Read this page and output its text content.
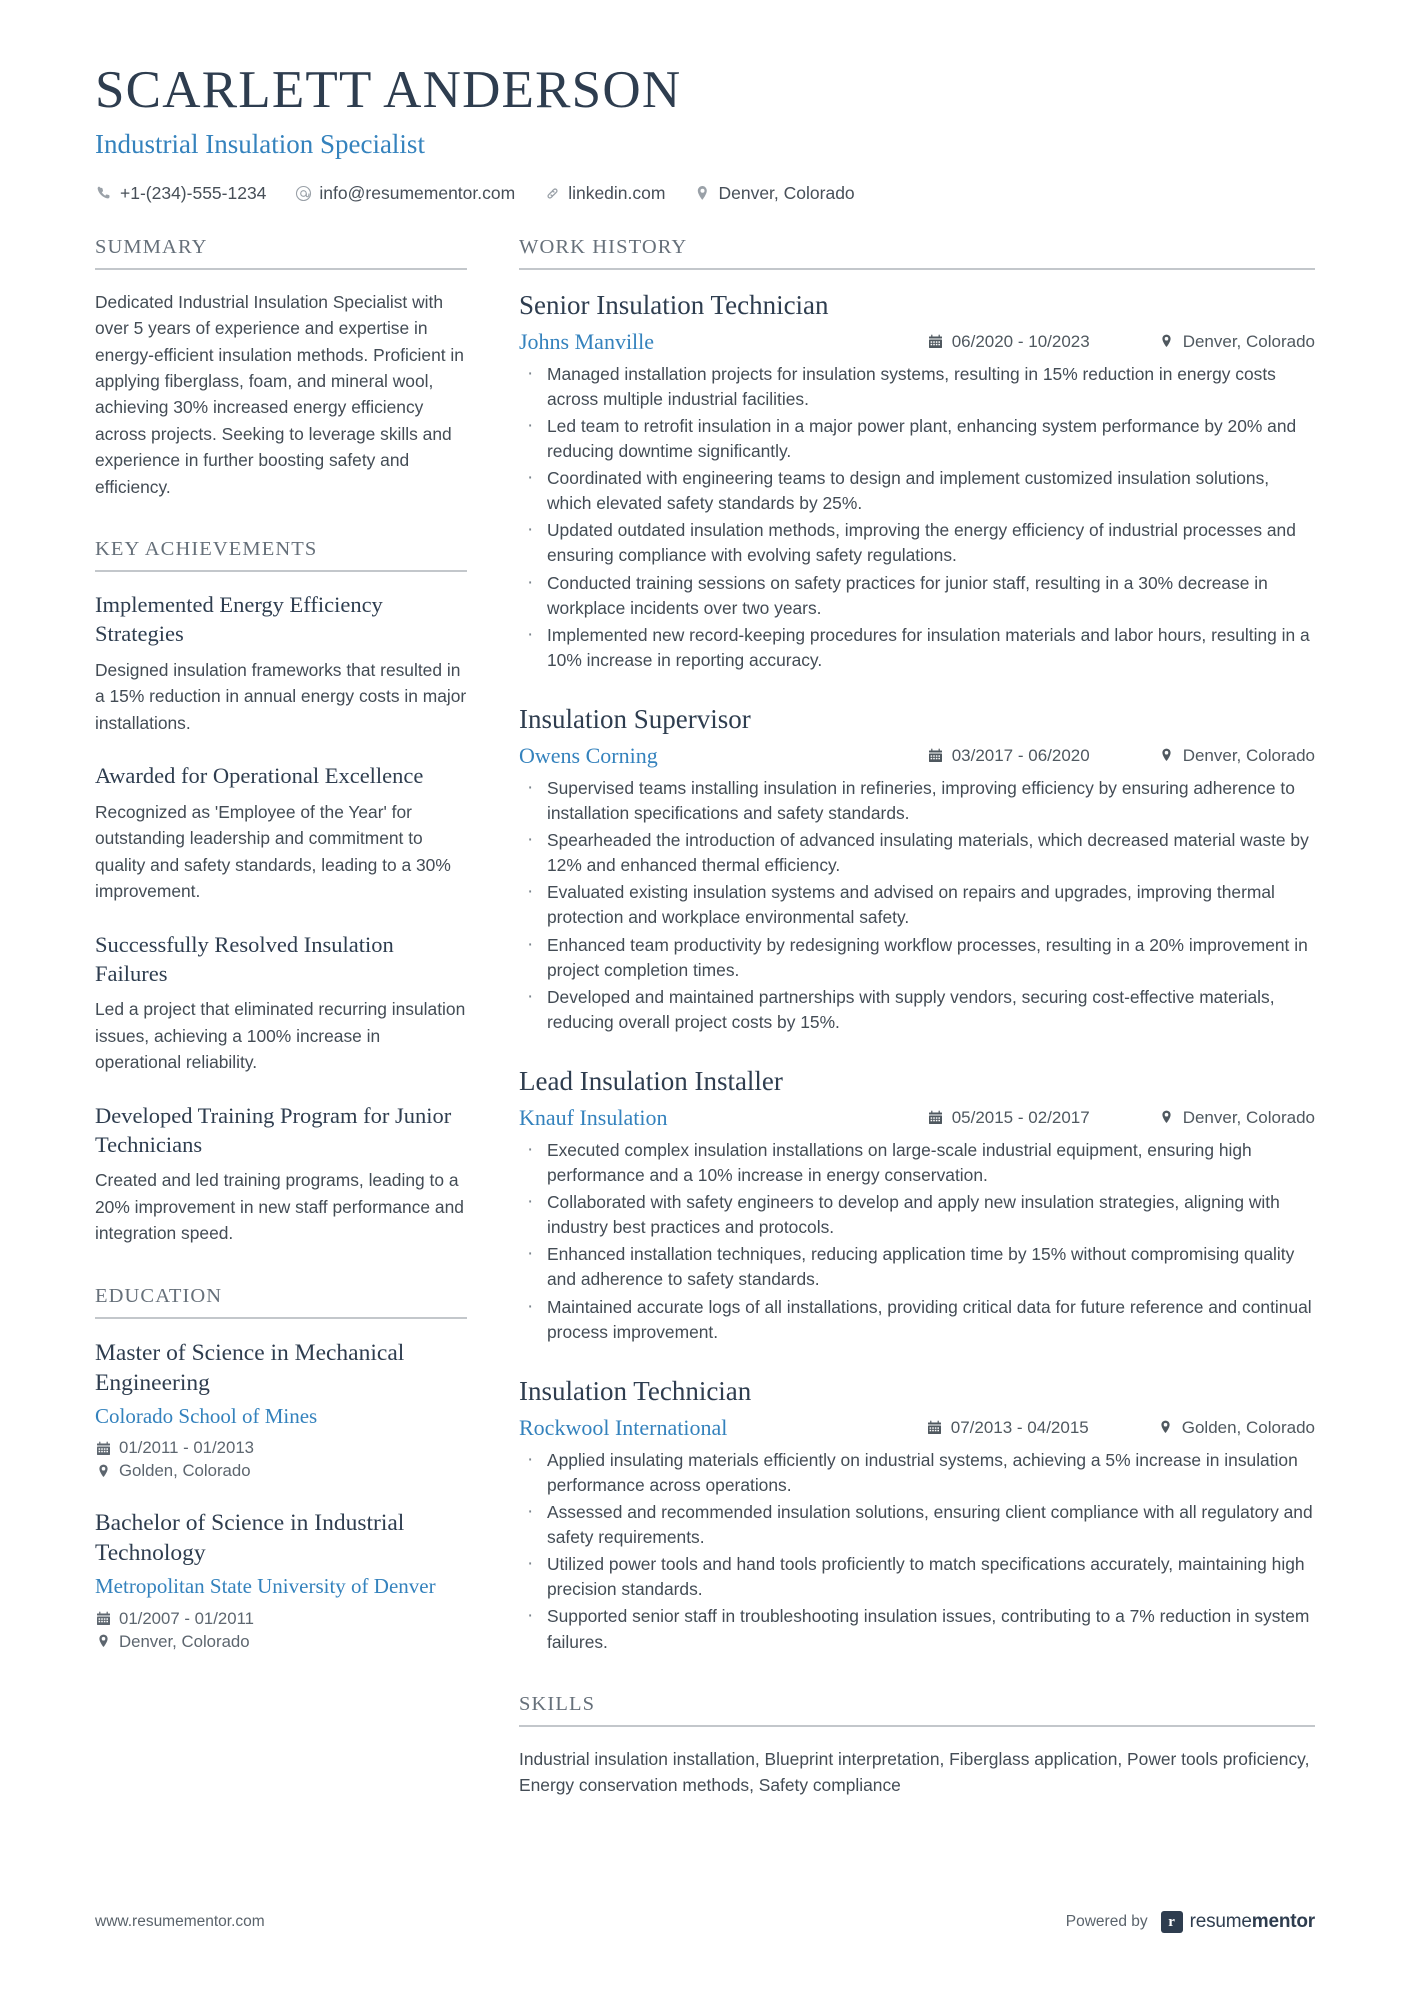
SCARLETT ANDERSON
Industrial Insulation Specialist
+1-(234)-555-1234	info@resumementor.com	linkedin.com	Denver, Colorado
SUMMARY

Dedicated Industrial Insulation Specialist with over 5 years of experience and expertise in energy-efficient insulation methods. Proficient in applying fiberglass, foam, and mineral wool, achieving 30% increased energy efficiency across projects. Seeking to leverage skills and experience in further boosting safety and efficiency.

KEY ACHIEVEMENTS
Implemented Energy Efficiency Strategies

Designed insulation frameworks that resulted in a 15% reduction in annual energy costs in major installations.

Awarded for Operational Excellence

Recognized as 'Employee of the Year' for outstanding leadership and commitment to quality and safety standards, leading to a 30% improvement.

Successfully Resolved Insulation Failures

Led a project that eliminated recurring insulation issues, achieving a 100% increase in operational reliability.

Developed Training Program for Junior Technicians

Created and led training programs, leading to a 20% improvement in new staff performance and integration speed.

EDUCATION
Master of Science in Mechanical Engineering
Colorado School of Mines
01/2011 - 01/2013
Golden, Colorado
Bachelor of Science in Industrial Technology
Metropolitan State University of Denver
01/2007 - 01/2011
Denver, Colorado
WORK HISTORY
Senior Insulation Technician
Johns Manville	06/2020 - 10/2023	Denver, Colorado
· Managed installation projects for insulation systems, resulting in 15% reduction in energy costs across multiple industrial facilities.
· Led team to retrofit insulation in a major power plant, enhancing system performance by 20% and reducing downtime significantly.
· Coordinated with engineering teams to design and implement customized insulation solutions, which elevated safety standards by 25%.
· Updated outdated insulation methods, improving the energy efficiency of industrial processes and ensuring compliance with evolving safety regulations.
· Conducted training sessions on safety practices for junior staff, resulting in a 30% decrease in workplace incidents over two years.
· Implemented new record-keeping procedures for insulation materials and labor hours, resulting in a 10% increase in reporting accuracy.
Insulation Supervisor
Owens Corning	03/2017 - 06/2020	Denver, Colorado
· Supervised teams installing insulation in refineries, improving efficiency by ensuring adherence to installation specifications and safety standards.
· Spearheaded the introduction of advanced insulating materials, which decreased material waste by 12% and enhanced thermal efficiency.
· Evaluated existing insulation systems and advised on repairs and upgrades, improving thermal protection and workplace environmental safety.
· Enhanced team productivity by redesigning workflow processes, resulting in a 20% improvement in project completion times.
· Developed and maintained partnerships with supply vendors, securing cost-effective materials, reducing overall project costs by 15%.
Lead Insulation Installer
Knauf Insulation	05/2015 - 02/2017	Denver, Colorado
· Executed complex insulation installations on large-scale industrial equipment, ensuring high performance and a 10% increase in energy conservation.
· Collaborated with safety engineers to develop and apply new insulation strategies, aligning with industry best practices and protocols.
· Enhanced installation techniques, reducing application time by 15% without compromising quality and adherence to safety standards.
· Maintained accurate logs of all installations, providing critical data for future reference and continual process improvement.
Insulation Technician
Rockwool International	07/2013 - 04/2015	Golden, Colorado
· Applied insulating materials efficiently on industrial systems, achieving a 5% increase in insulation performance across operations.
· Assessed and recommended insulation solutions, ensuring client compliance with all regulatory and safety requirements.
· Utilized power tools and hand tools proficiently to match specifications accurately, maintaining high precision standards.
· Supported senior staff in troubleshooting insulation issues, contributing to a 7% reduction in system failures.
SKILLS

Industrial insulation installation, Blueprint interpretation, Fiberglass application, Power tools proficiency, Energy conservation methods, Safety compliance

www.resumementor.com	Powered by	r resumementor
